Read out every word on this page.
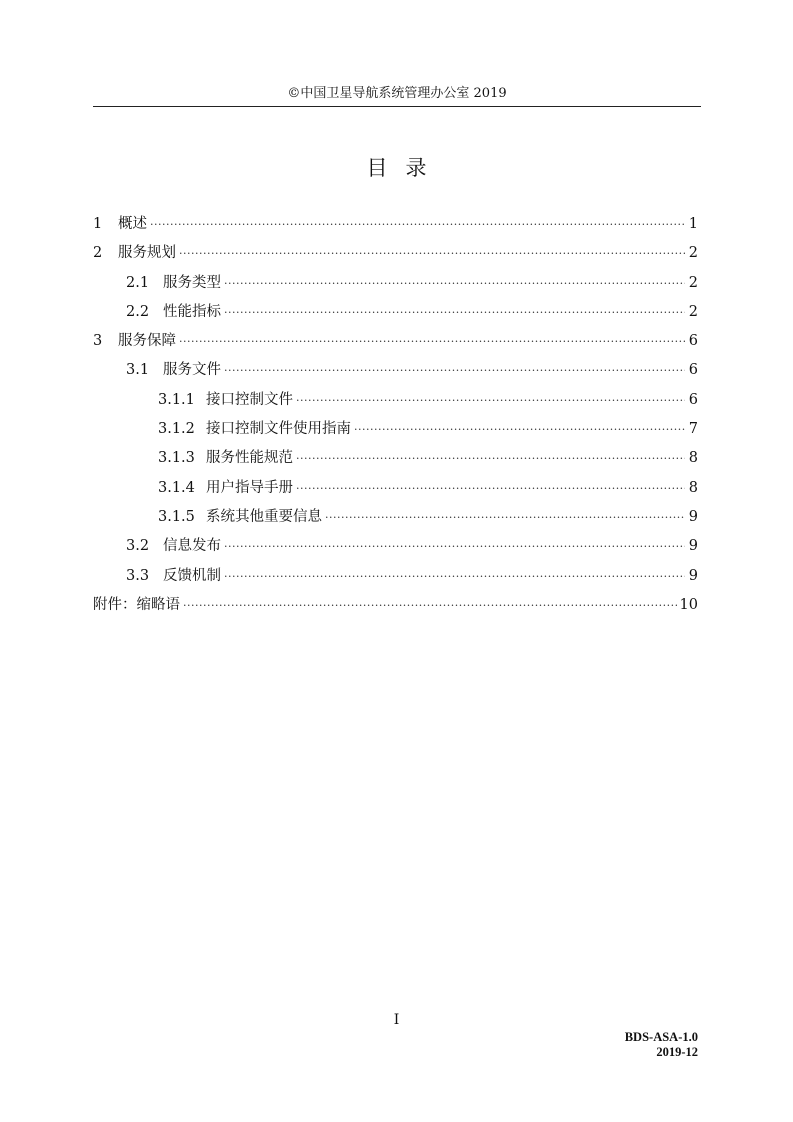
©中国卫星导航系统管理办公室 2019
目录
1	概述 ·····	1
2	服务规划 ·····	2
2.1 服务类型 ·····	2
2.2 性能指标 ·····	2
3	服务保障 ·····	6
3.1 服务文件 ·····	6
3.1.1 接口控制文件 ·····	6
3.1.2 接口控制文件使用指南 ·····	7
3.1.3 服务性能规范 ·····	8
3.1.4 用户指导手册 ·····	8
3.1.5 系统其他重要信息 ·····	9
3.2 信息发布 ·····	9
3.3 反馈机制 ·····	9
附件：缩略语 ·····	10
I
BDS-ASA-1.0
2019-12
